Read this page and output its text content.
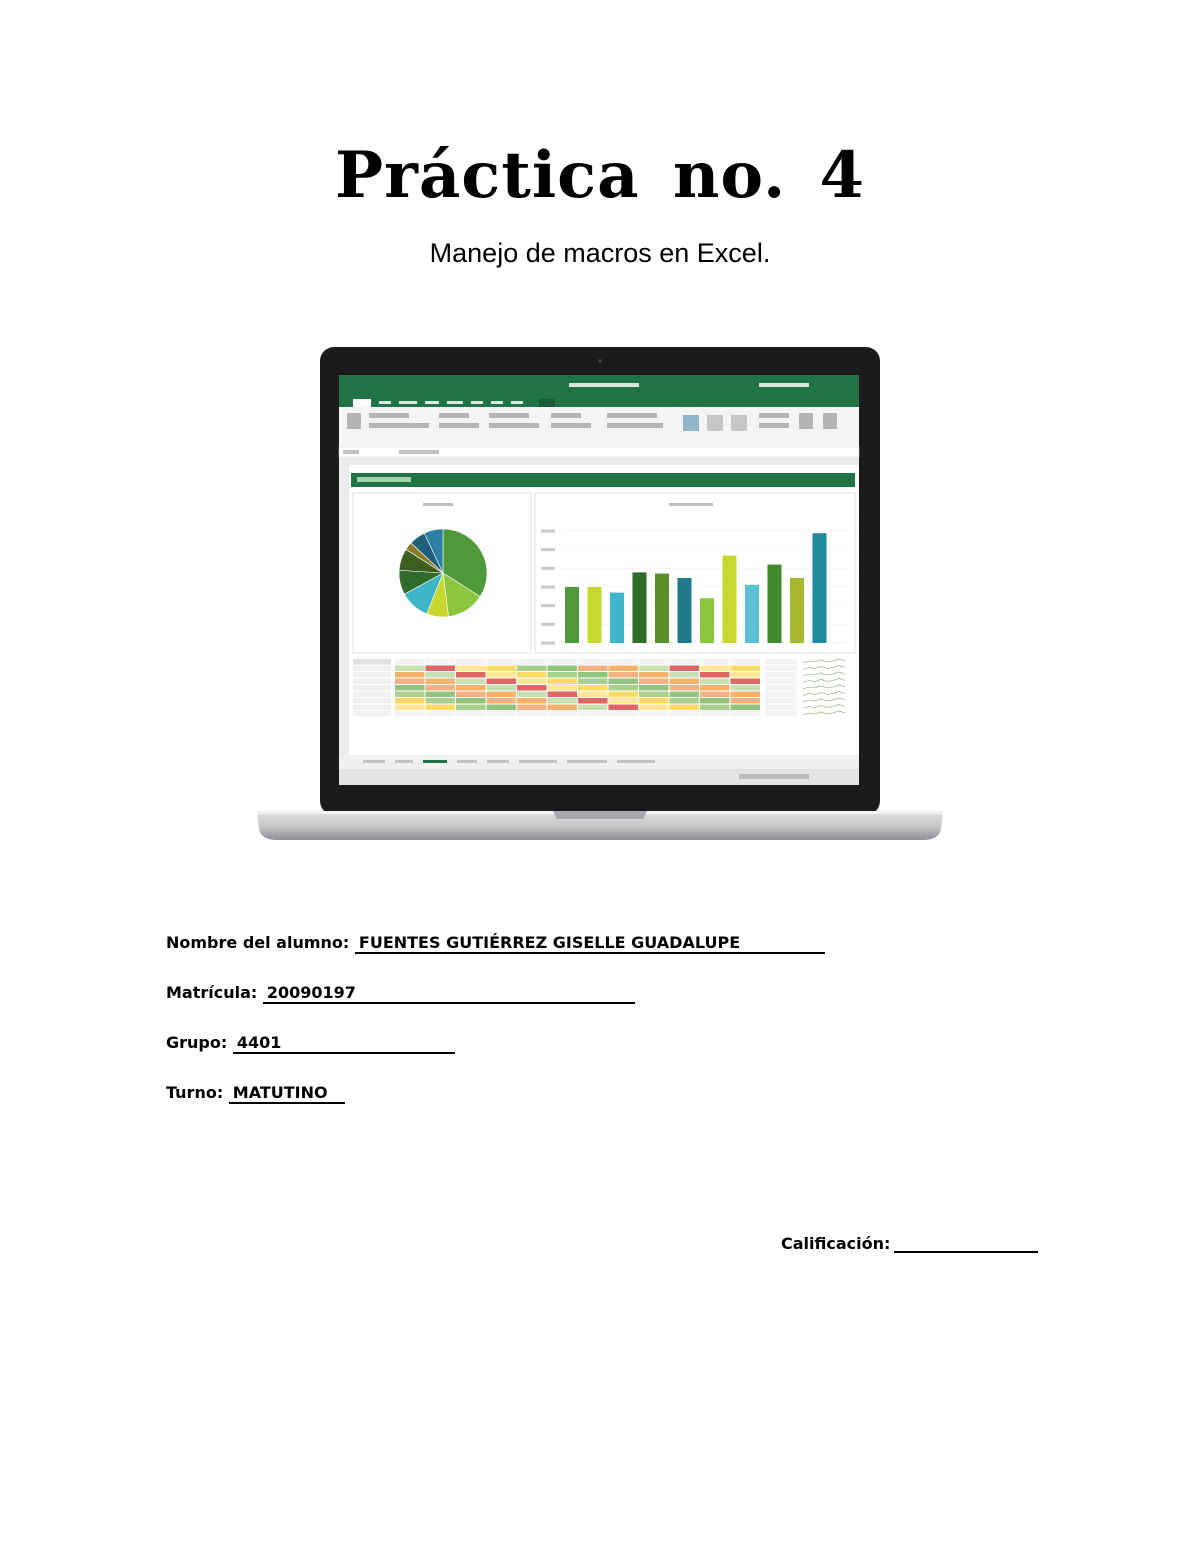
Práctica no. 4

Manejo de macros en Excel.

Nombre del alumno: FUENTES GUTIÉRREZ GISELLE GUADALUPE
Matrícula: 20090197
Grupo: 4401
Turno: MATUTINO
Calificación:
